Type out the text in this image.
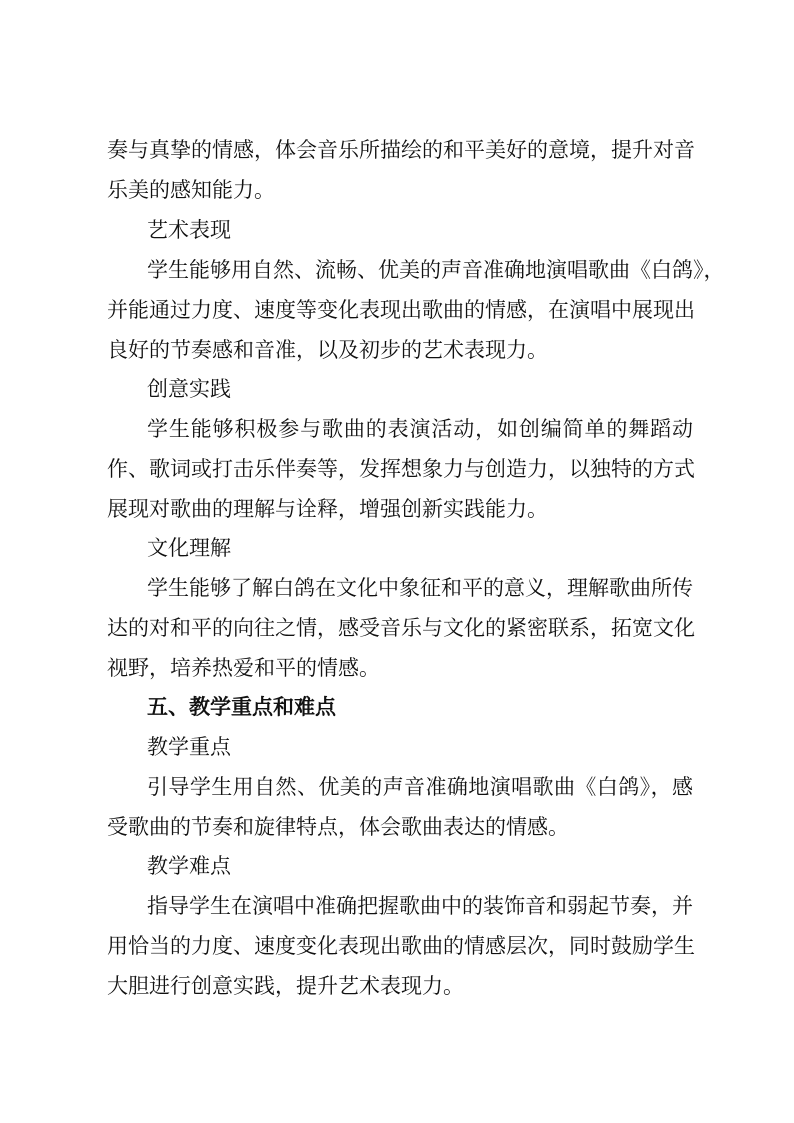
奏与真挚的情感，体会音乐所描绘的和平美好的意境，提升对音
乐美的感知能力。
艺术表现
学生能够用自然、流畅、优美的声音准确地演唱歌曲《白鸽》，
并能通过力度、速度等变化表现出歌曲的情感，在演唱中展现出
良好的节奏感和音准，以及初步的艺术表现力。
创意实践
学生能够积极参与歌曲的表演活动，如创编简单的舞蹈动
作、歌词或打击乐伴奏等，发挥想象力与创造力，以独特的方式
展现对歌曲的理解与诠释，增强创新实践能力。
文化理解
学生能够了解白鸽在文化中象征和平的意义，理解歌曲所传
达的对和平的向往之情，感受音乐与文化的紧密联系，拓宽文化
视野，培养热爱和平的情感。
五、教学重点和难点
教学重点
引导学生用自然、优美的声音准确地演唱歌曲《白鸽》，感
受歌曲的节奏和旋律特点，体会歌曲表达的情感。
教学难点
指导学生在演唱中准确把握歌曲中的装饰音和弱起节奏，并
用恰当的力度、速度变化表现出歌曲的情感层次，同时鼓励学生
大胆进行创意实践，提升艺术表现力。
